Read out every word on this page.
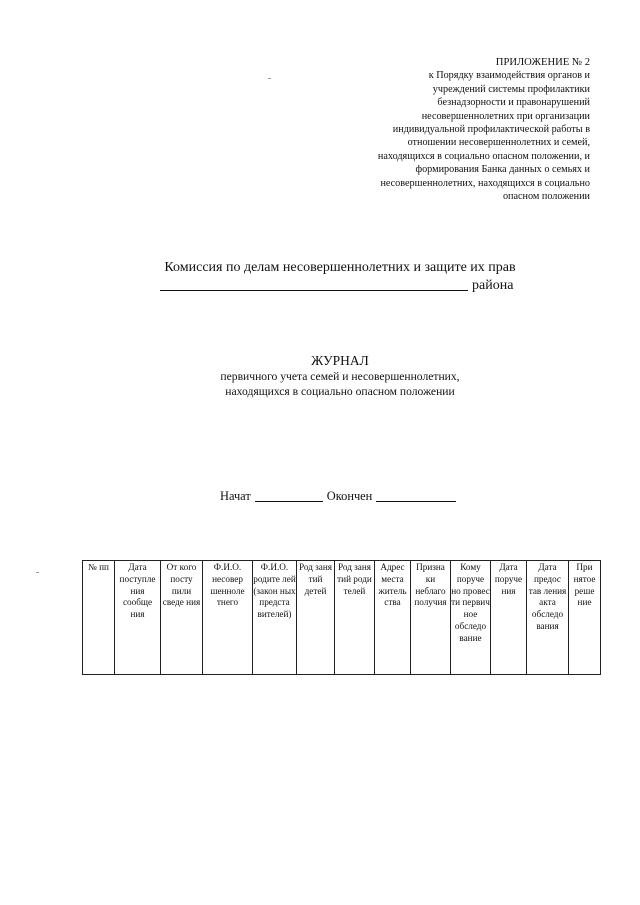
ПРИЛОЖЕНИЕ № 2
к Порядку взаимодействия органов и
учреждений системы профилактики
безнадзорности и правонарушений
несовершеннолетних при организации
индивидуальной профилактической работы в
отношении несовершеннолетних и семей,
находящихся в социально опасном положении, и
формирования Банка данных о семьях и
несовершеннолетних, находящихся в социально
опасном положении
Комиссия по делам несовершеннолетних и защите их прав
района
ЖУРНАЛ
первичного учета семей и несовершеннолетних,
находящихся в социально опасном положении
Начат	Окончен
№ пп	Дата поступле ния сообще ния	От кого посту пили сведе ния	Ф.И.О. несовер шенноле тнего	Ф.И.О. родите лей (закон ных предста вителей)	Род заня тий детей	Род заня тий роди телей	Адрес места житель ства	Призна ки неблаго получия	Кому поруче но провес ти первич ное обследо вание	Дата поруче ния	Дата предос тав ления акта обследо вания	При нятое реше ние
